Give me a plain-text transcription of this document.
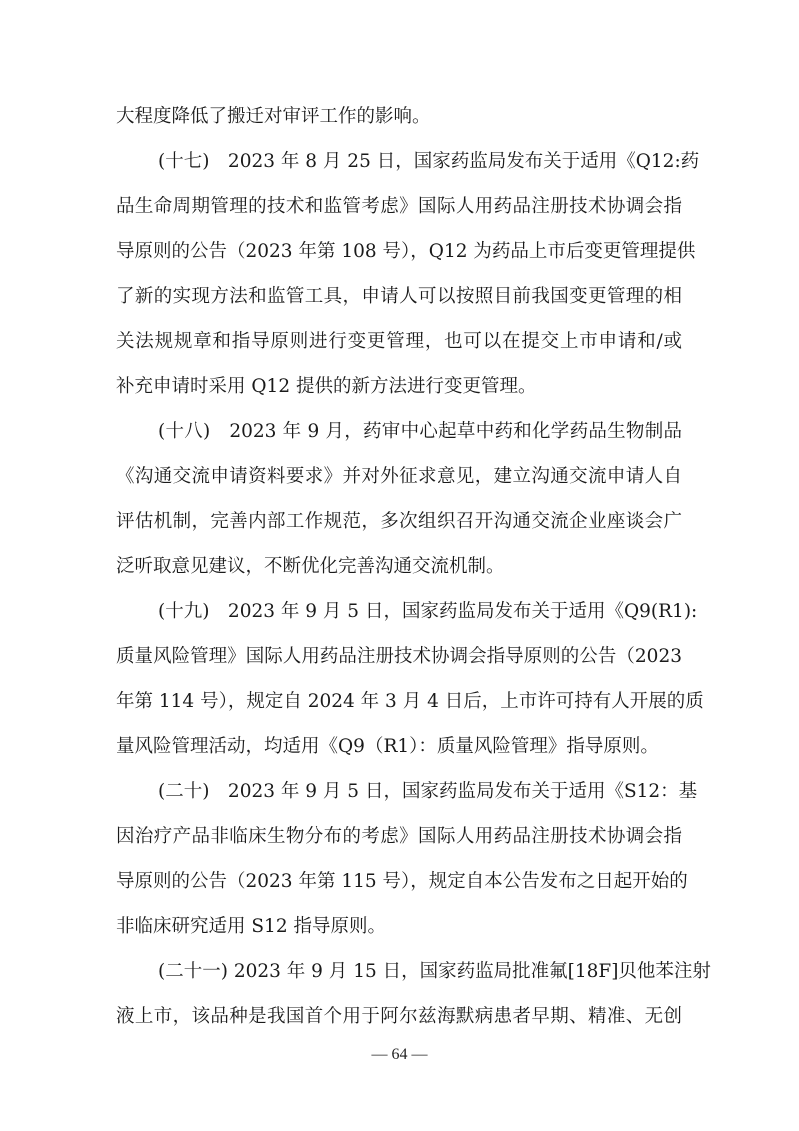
大程度降低了搬迁对审评工作的影响。
(十七)　2023 年 8 月 25 日，国家药监局发布关于适用《Q12:药
品生命周期管理的技术和监管考虑》国际人用药品注册技术协调会指
导原则的公告（2023 年第 108 号），Q12 为药品上市后变更管理提供
了新的实现方法和监管工具，申请人可以按照目前我国变更管理的相
关法规规章和指导原则进行变更管理，也可以在提交上市申请和/或
补充申请时采用 Q12 提供的新方法进行变更管理。
(十八)　2023 年 9 月，药审中心起草中药和化学药品生物制品
《沟通交流申请资料要求》并对外征求意见，建立沟通交流申请人自
评估机制，完善内部工作规范，多次组织召开沟通交流企业座谈会广
泛听取意见建议，不断优化完善沟通交流机制。
(十九)　2023 年 9 月 5 日，国家药监局发布关于适用《Q9(R1):
质量风险管理》国际人用药品注册技术协调会指导原则的公告（2023
年第 114 号），规定自 2024 年 3 月 4 日后，上市许可持有人开展的质
量风险管理活动，均适用《Q9（R1）：质量风险管理》指导原则。
(二十)　2023 年 9 月 5 日，国家药监局发布关于适用《S12：基
因治疗产品非临床生物分布的考虑》国际人用药品注册技术协调会指
导原则的公告（2023 年第 115 号），规定自本公告发布之日起开始的
非临床研究适用 S12 指导原则。
(二十一) 2023 年 9 月 15 日，国家药监局批准氟[18F]贝他苯注射
液上市，该品种是我国首个用于阿尔兹海默病患者早期、精准、无创
— 64 —
